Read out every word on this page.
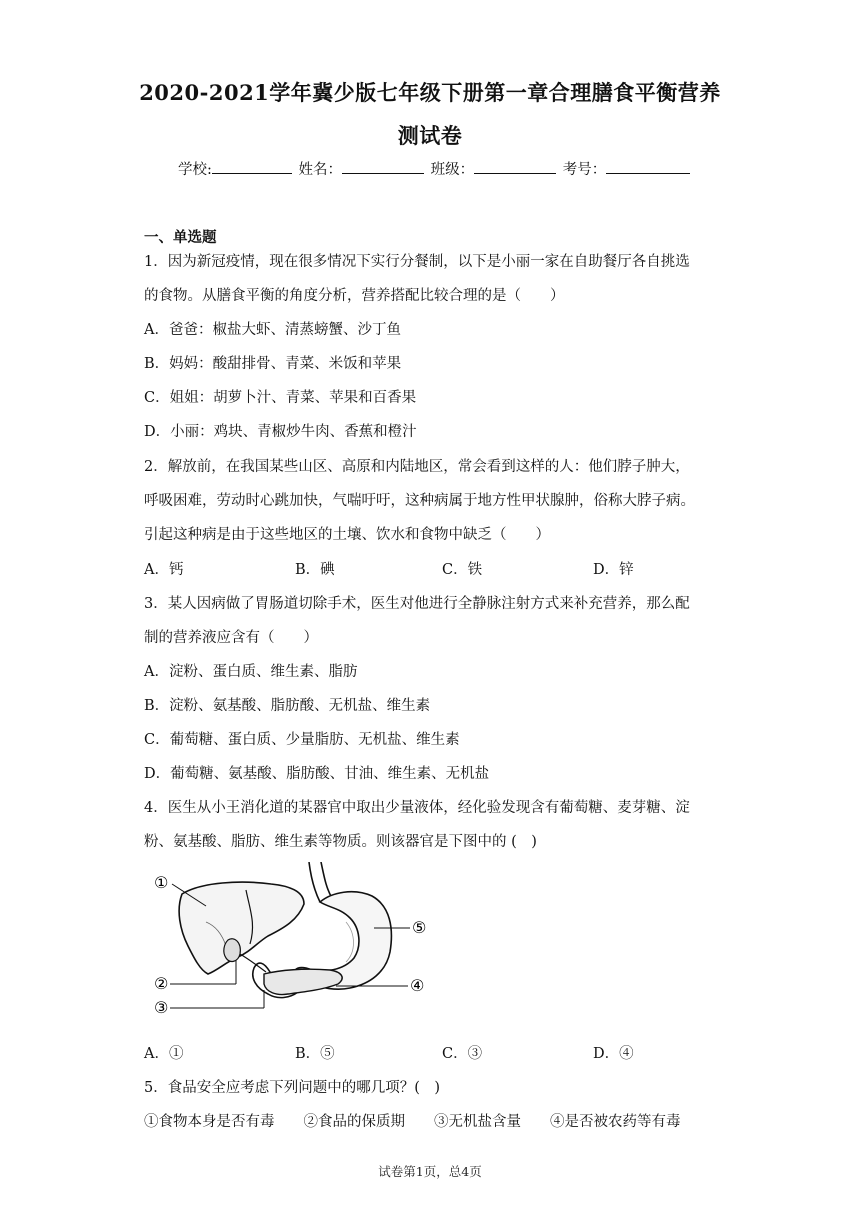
2020-2021学年冀少版七年级下册第一章合理膳食平衡营养
测试卷
学校:	姓名：	班级：	考号：
一、单选题
1．因为新冠疫情，现在很多情况下实行分餐制，以下是小丽一家在自助餐厅各自挑选
的食物。从膳食平衡的角度分析，营养搭配比较合理的是（　　）
A．爸爸：椒盐大虾、清蒸螃蟹、沙丁鱼
B．妈妈：酸甜排骨、青菜、米饭和苹果
C．姐姐：胡萝卜汁、青菜、苹果和百香果
D．小丽：鸡块、青椒炒牛肉、香蕉和橙汁
2．解放前，在我国某些山区、高原和内陆地区，常会看到这样的人：他们脖子肿大，
呼吸困难，劳动时心跳加快，气喘吁吁，这种病属于地方性甲状腺肿，俗称大脖子病。
引起这种病是由于这些地区的土壤、饮水和食物中缺乏（　　）
A．钙	B．碘	C．铁	D．锌
3．某人因病做了胃肠道切除手术，医生对他进行全静脉注射方式来补充营养，那么配
制的营养液应含有（　　）
A．淀粉、蛋白质、维生素、脂肪
B．淀粉、氨基酸、脂肪酸、无机盐、维生素
C．葡萄糖、蛋白质、少量脂肪、无机盐、维生素
D．葡萄糖、氨基酸、脂肪酸、甘油、维生素、无机盐
4．医生从小王消化道的某器官中取出少量液体，经化验发现含有葡萄糖、麦芽糖、淀
粉、氨基酸、脂肪、维生素等物质。则该器官是下图中的 (　)
①
②
③
④
⑤
A．①	B．⑤	C．③	D．④
5．食品安全应考虑下列问题中的哪几项？(　)
①食物本身是否有毒　　②食品的保质期　　③无机盐含量　　④是否被农药等有毒
试卷第1页，总4页
